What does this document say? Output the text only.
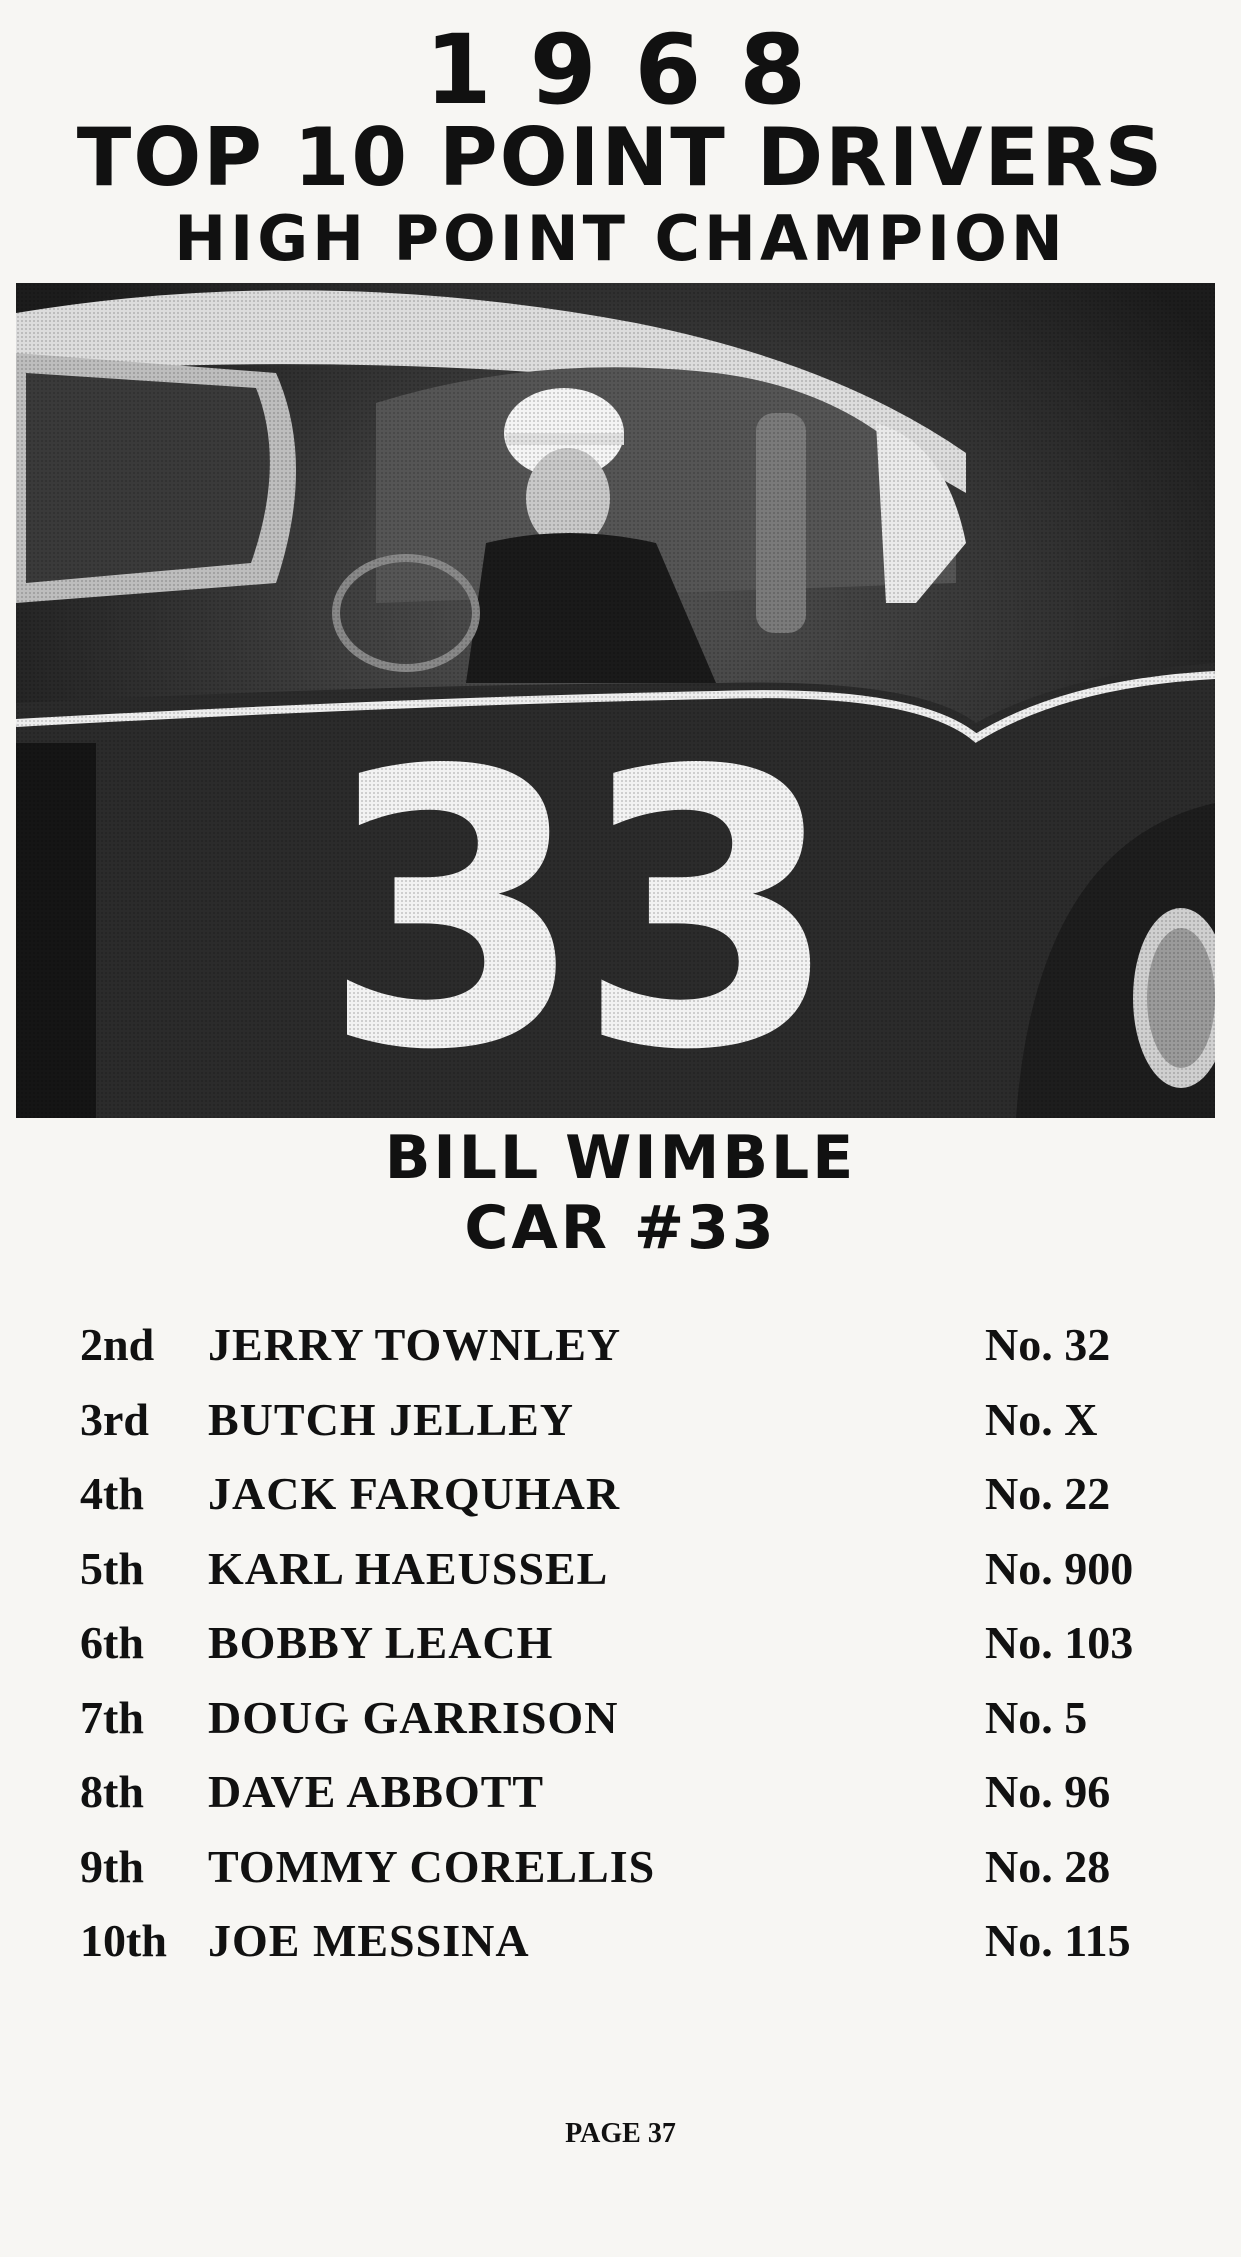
1968
TOP 10 POINT DRIVERS
HIGH POINT CHAMPION
BILL WIMBLE
CAR #33
2nd JERRY TOWNLEY	No. 32
3rd BUTCH JELLEY	No. X
4th JACK FARQUHAR	No. 22
5th KARL HAEUSSEL	No. 900
6th BOBBY LEACH	No. 103
7th DOUG GARRISON	No. 5
8th DAVE ABBOTT	No. 96
9th TOMMY CORELLIS	No. 28
10th JOE MESSINA	No. 115
PAGE 37
